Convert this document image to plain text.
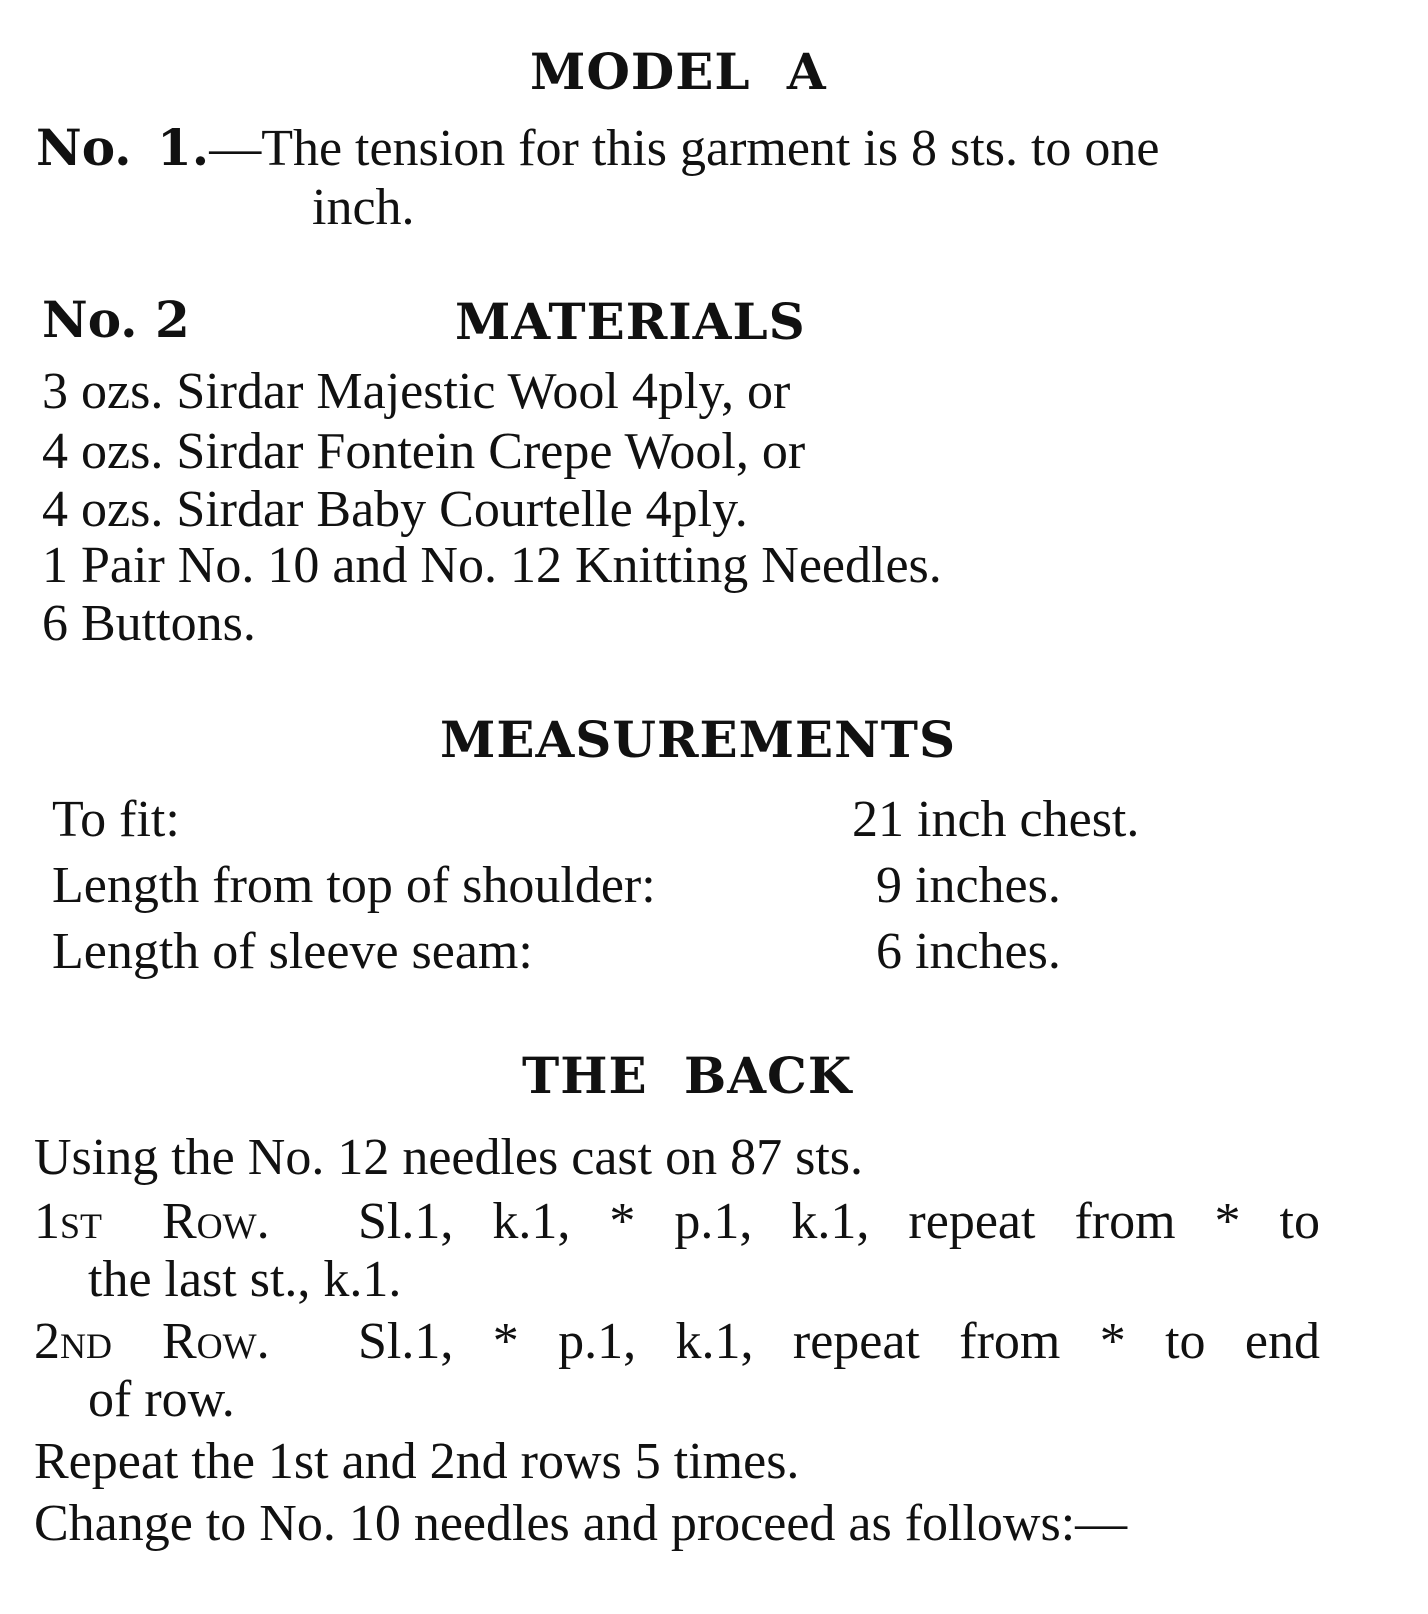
MODEL A
No. 1.—The tension for this garment is 8 sts. to one
inch.
No. 2	MATERIALS
3 ozs. Sirdar Majestic Wool 4ply, or
4 ozs. Sirdar Fontein Crepe Wool, or
4 ozs. Sirdar Baby Courtelle 4ply.
1 Pair No. 10 and No. 12 Knitting Needles.
6 Buttons.
MEASUREMENTS
To fit:	21 inch chest.
Length from top of shoulder:	9 inches.
Length of sleeve seam:	6 inches.
THE BACK
Using the No. 12 needles cast on 87 sts.
1st Row. Sl.1, k.1, * p.1, k.1, repeat from * to
the last st., k.1.
2nd Row. Sl.1, * p.1, k.1, repeat from * to end
of row.
Repeat the 1st and 2nd rows 5 times.
Change to No. 10 needles and proceed as follows:—
